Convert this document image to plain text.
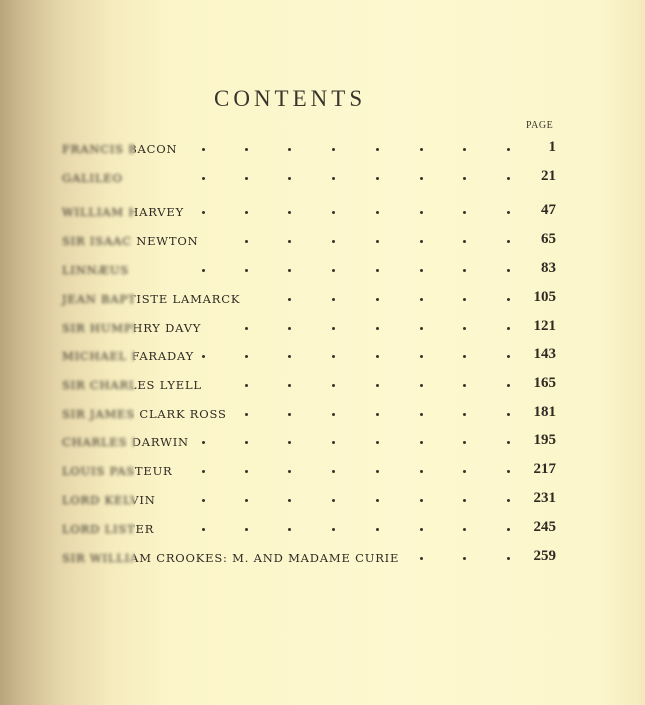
CONTENTS
PAGE
FRANCIS BACON	1
GALILEO	21
WILLIAM HARVEY	47
SIR ISAAC NEWTON	65
LINNÆUS	83
JEAN BAPTISTE LAMARCK	105
SIR HUMPHRY DAVY	121
MICHAEL FARADAY	143
SIR CHARLES LYELL	165
SIR JAMES CLARK ROSS	181
CHARLES DARWIN	195
LOUIS PASTEUR	217
LORD KELVIN	231
LORD LISTER	245
SIR WILLIAM CROOKES: M. AND MADAME CURIE	259
